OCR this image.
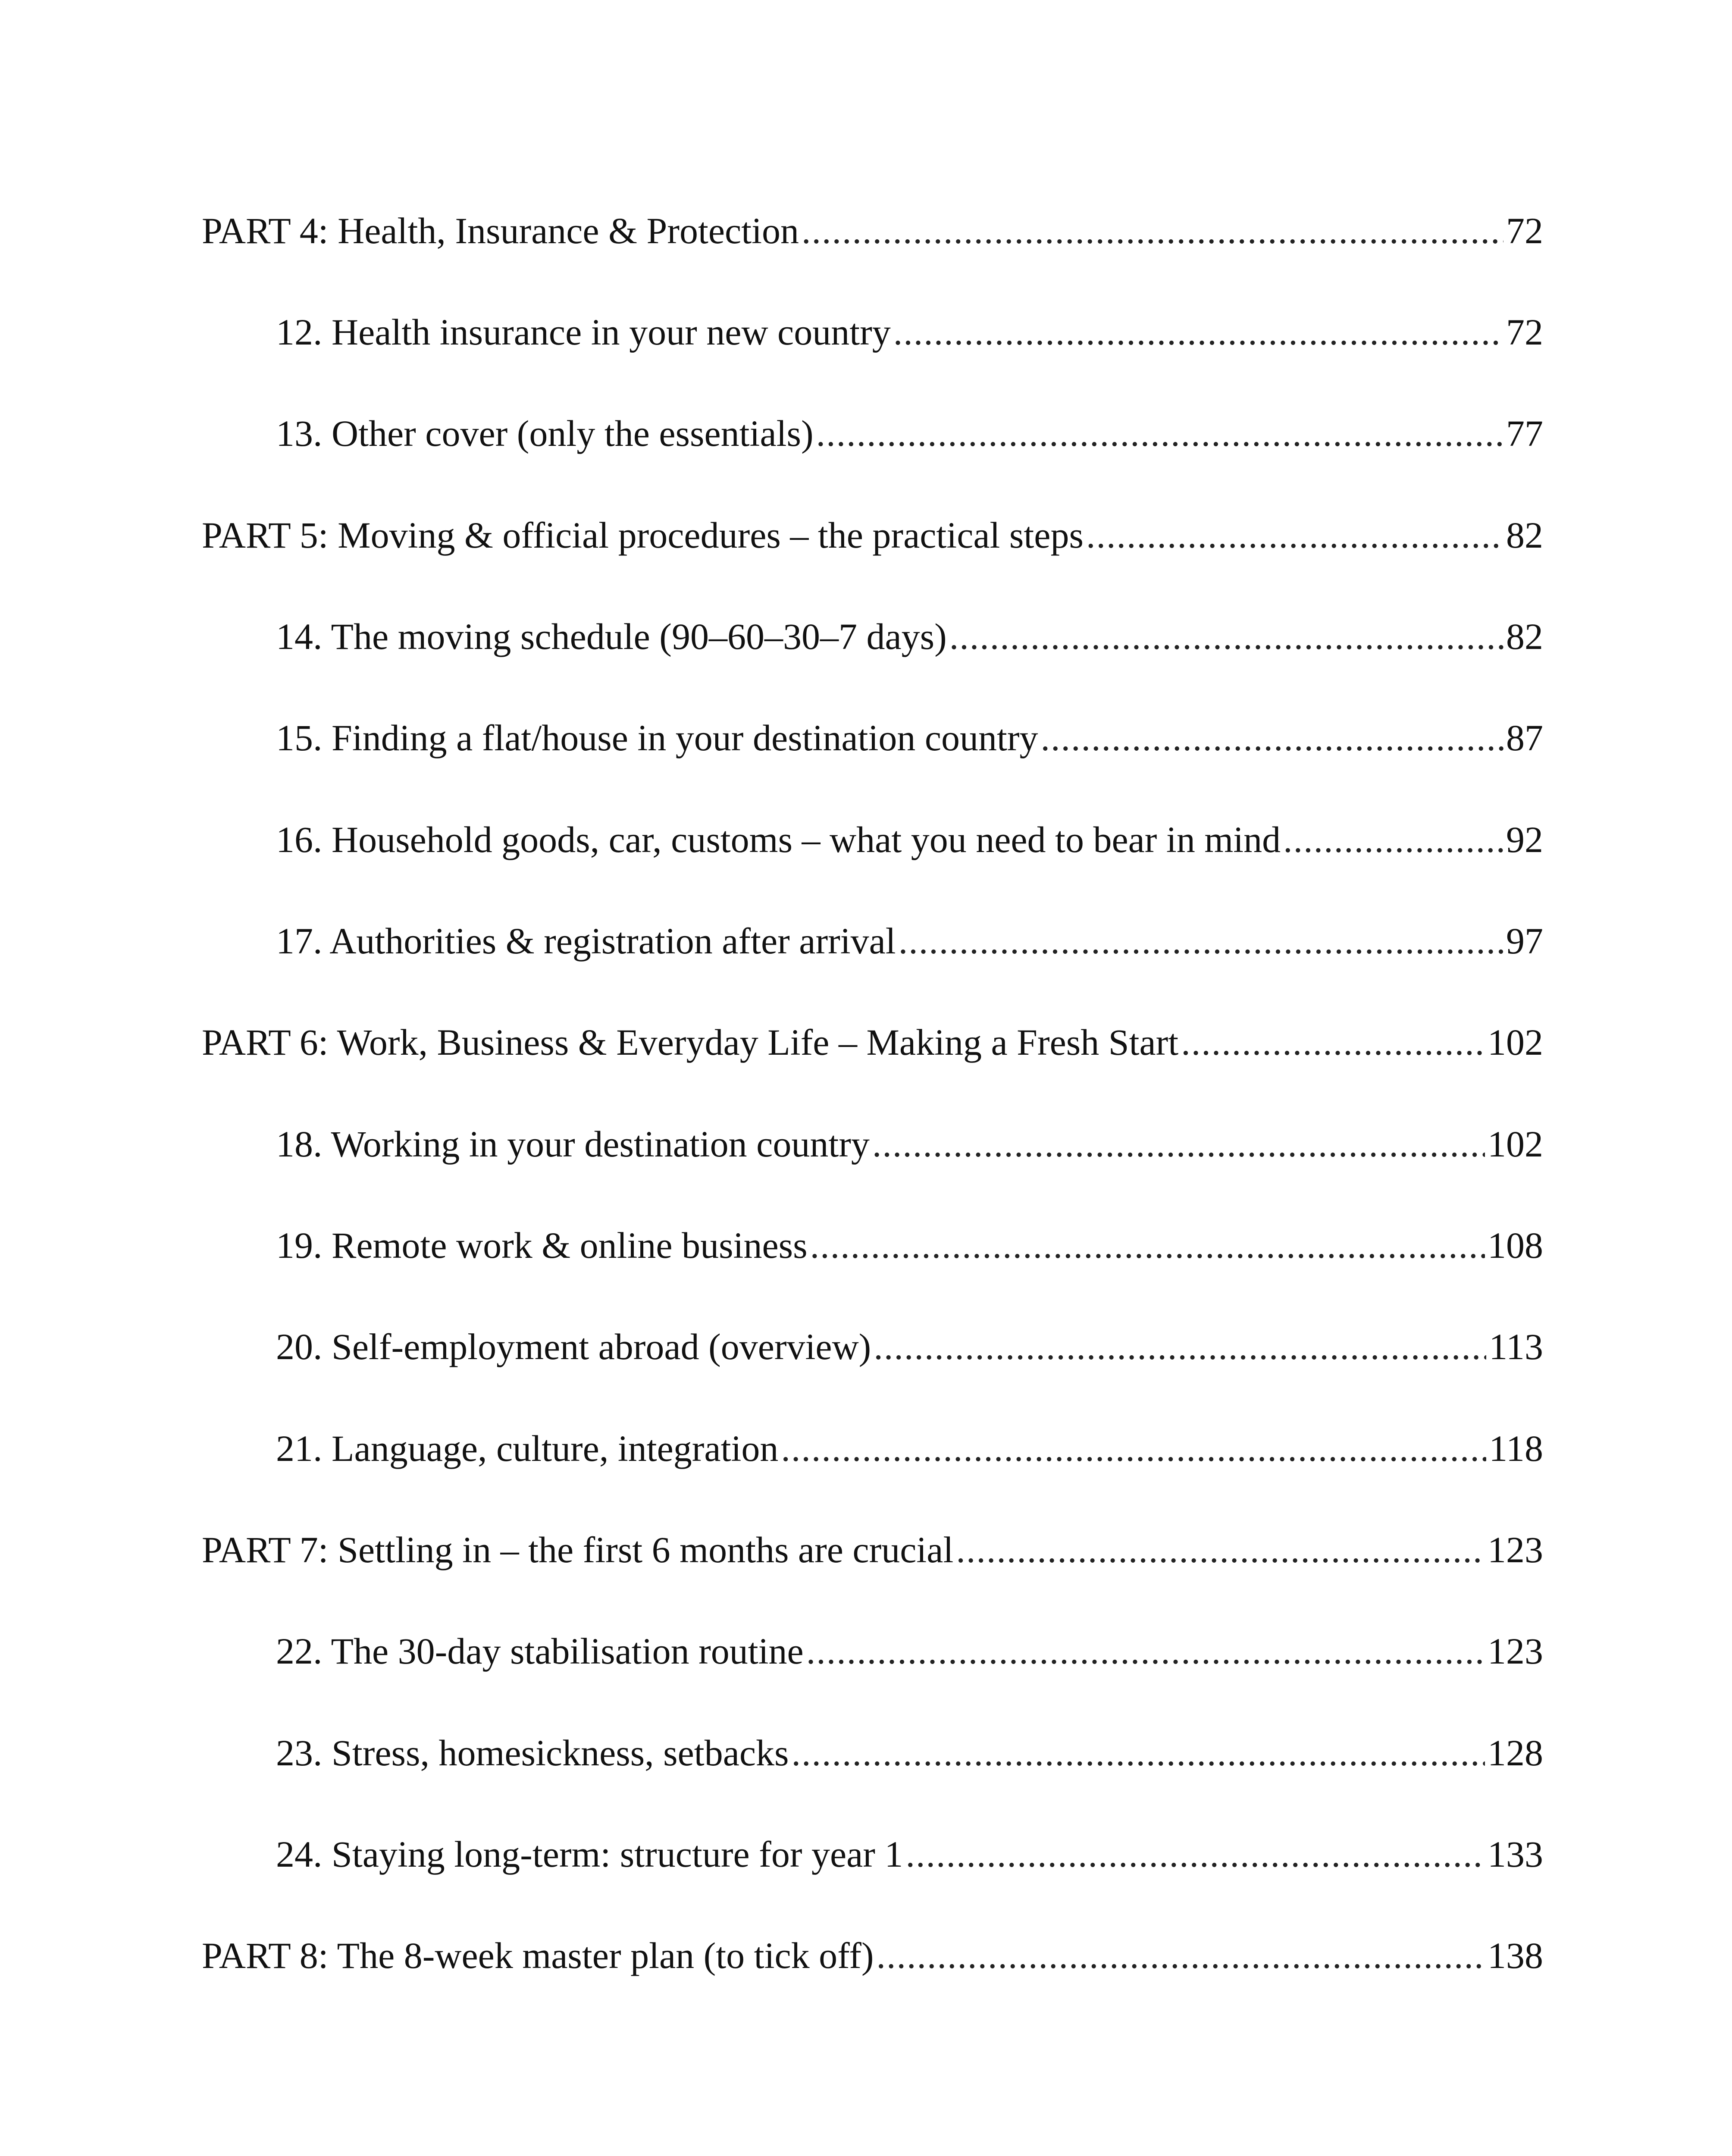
PART 4: Health, Insurance & Protection .....	72
12. Health insurance in your new country .....	72
13. Other cover (only the essentials) .....	77
PART 5: Moving & official procedures – the practical steps .....	82
14. The moving schedule (90–60–30–7 days) .....	82
15. Finding a flat/house in your destination country .....	87
16. Household goods, car, customs – what you need to bear in mind .....	92
17. Authorities & registration after arrival .....	97
PART 6: Work, Business & Everyday Life – Making a Fresh Start .....	102
18. Working in your destination country .....	102
19. Remote work & online business .....	108
20. Self-employment abroad (overview) .....	113
21. Language, culture, integration .....	118
PART 7: Settling in – the first 6 months are crucial .....	123
22. The 30-day stabilisation routine .....	123
23. Stress, homesickness, setbacks .....	128
24. Staying long-term: structure for year 1 .....	133
PART 8: The 8-week master plan (to tick off) .....	138
